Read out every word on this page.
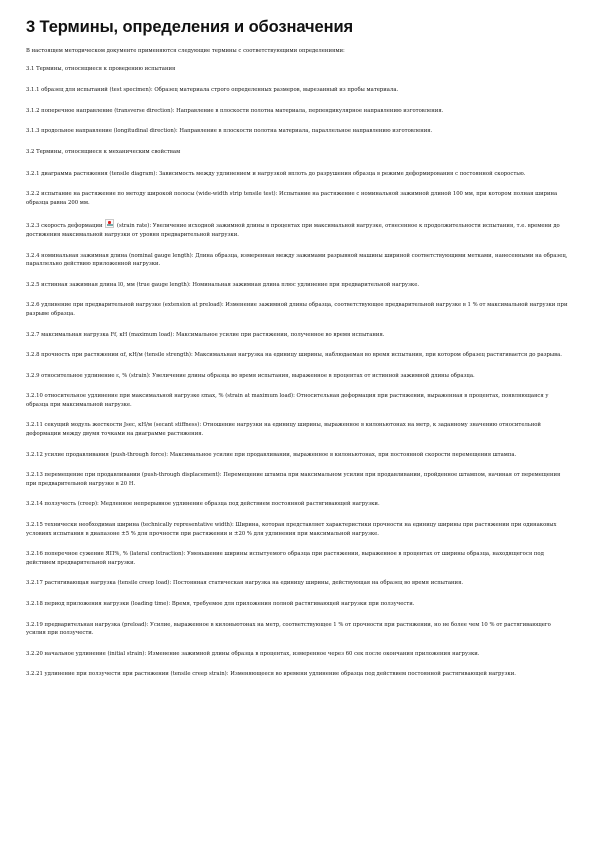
3 Термины, определения и обозначения

В настоящем методическом документе применяются следующие термины с соответствующими определениями:

3.1 Термины, относящиеся к проведению испытания

3.1.1 образец для испытаний (test specimen): Образец материала строго определенных размеров, вырезанный из пробы материала.

3.1.2 поперечное направление (transverse direction): Направление в плоскости полотна материала, перпендикулярное направлению изготовления.

3.1.3 продольное направление (longitudinal direction): Направление в плоскости полотна материала, параллельное направлению изготовления.

3.2 Термины, относящиеся к механическим свойствам

3.2.1 диаграмма растяжения (tensile diagram): Зависимость между удлинением и нагрузкой вплоть до разрушения образца в режиме деформирования с постоянной скоростью.

3.2.2 испытание на растяжение по методу широкой полосы (wide-width strip tensile test): Испытание на растяжение с номинальной зажимной длиной 100 мм, при котором полная ширина образца равна 200 мм.

3.2.3 скорость деформации	(strain rate): Увеличение исходной зажимной длины в процентах при максимальной нагрузке, отнесенное к продолжительности испытания, т.е. времени до достижения максимальной нагрузки от уровня предварительной нагрузки.

3.2.4 номинальная зажимная длина (nominal gauge length): Длина образца, измеренная между зажимами разрывной машины шириной соответствующими метками, нанесенными на образец, параллельно действию приложенной нагрузки.

3.2.5 истинная зажимная длина l0, мм (true gauge length): Номинальная зажимная длина плюс удлинение при предварительной нагрузке.

3.2.6 удлинение при предварительной нагрузке (extension at preload): Изменение зажимной длины образца, соответствующее предварительной нагрузке в 1 % от максимальной нагрузки при разрыве образца.

3.2.7 максимальная нагрузка Ff, кН (maximum load): Максимальное усилие при растяжении, полученное во время испытания.

3.2.8 прочность при растяжении αf, кН/м (tensile strength): Максимальная нагрузка на единицу ширины, наблюдаемая во время испытания, при котором образец растягивается до разрыва.

3.2.9 относительное удлинение ε, % (strain): Увеличение длины образца во время испытания, выраженное в процентах от истинной зажимной длины образца.

3.2.10 относительное удлинение при максимальной нагрузке εmax, % (strain at maximum load): Относительная деформация при растяжении, выраженная в процентах, появляющаяся у образца при максимальной нагрузке.

3.2.11 секущий модуль жесткости Jsec, кН/м (secant stiffness): Отношение нагрузки на единицу ширины, выраженное в килоньютонах на метр, к заданному значению относительной деформации между двумя точками на диаграмме растяжения.

3.2.12 усилие продавливания (push-through force): Максимальное усилие при продавливании, выраженное в килоньютонах, при постоянной скорости перемещения штампа.

3.2.13 перемещение при продавливании (push-through displacement): Перемещение штампа при максимальном усилии при продавливании, пройденное штампом, начиная от перемещения при предварительной нагрузке в 20 Н.

3.2.14 ползучесть (creep): Медленное непрерывное удлинение образца под действием постоянной растягивающей нагрузки.

3.2.15 технически необходимая ширина (technically representative width): Ширина, которая представляет характеристики прочности на единицу ширины при растяжении при одинаковых условиях испытания в диапазоне ±5 % для прочности при растяжении и ±20 % для удлинения при максимальной нагрузке.

3.2.16 поперечное сужение ЯП%, % (lateral contraction): Уменьшение ширины испытуемого образца при растяжении, выраженное в процентах от ширины образца, находящегося под действием предварительной нагрузки.

3.2.17 растягивающая нагрузка (tensile creep load): Постоянная статическая нагрузка на единицу ширины, действующая на образец во время испытания.

3.2.18 период приложения нагрузки (loading time): Время, требуемое для приложения полной растягивающей нагрузки при ползучести.

3.2.19 предварительная нагрузка (preload): Усилие, выраженное в килоньютонах на метр, соответствующее 1 % от прочности при растяжении, но не более чем 10 % от растягивающего усилия при ползучести.

3.2.20 начальное удлинение (initial strain): Изменение зажимной длины образца в процентах, измеренное через 60 сек после окончания приложения нагрузки.

3.2.21 удлинение при ползучести при растяжении (tensile creep strain): Изменяющееся во времени удлинение образца под действием постоянной растягивающей нагрузки.
